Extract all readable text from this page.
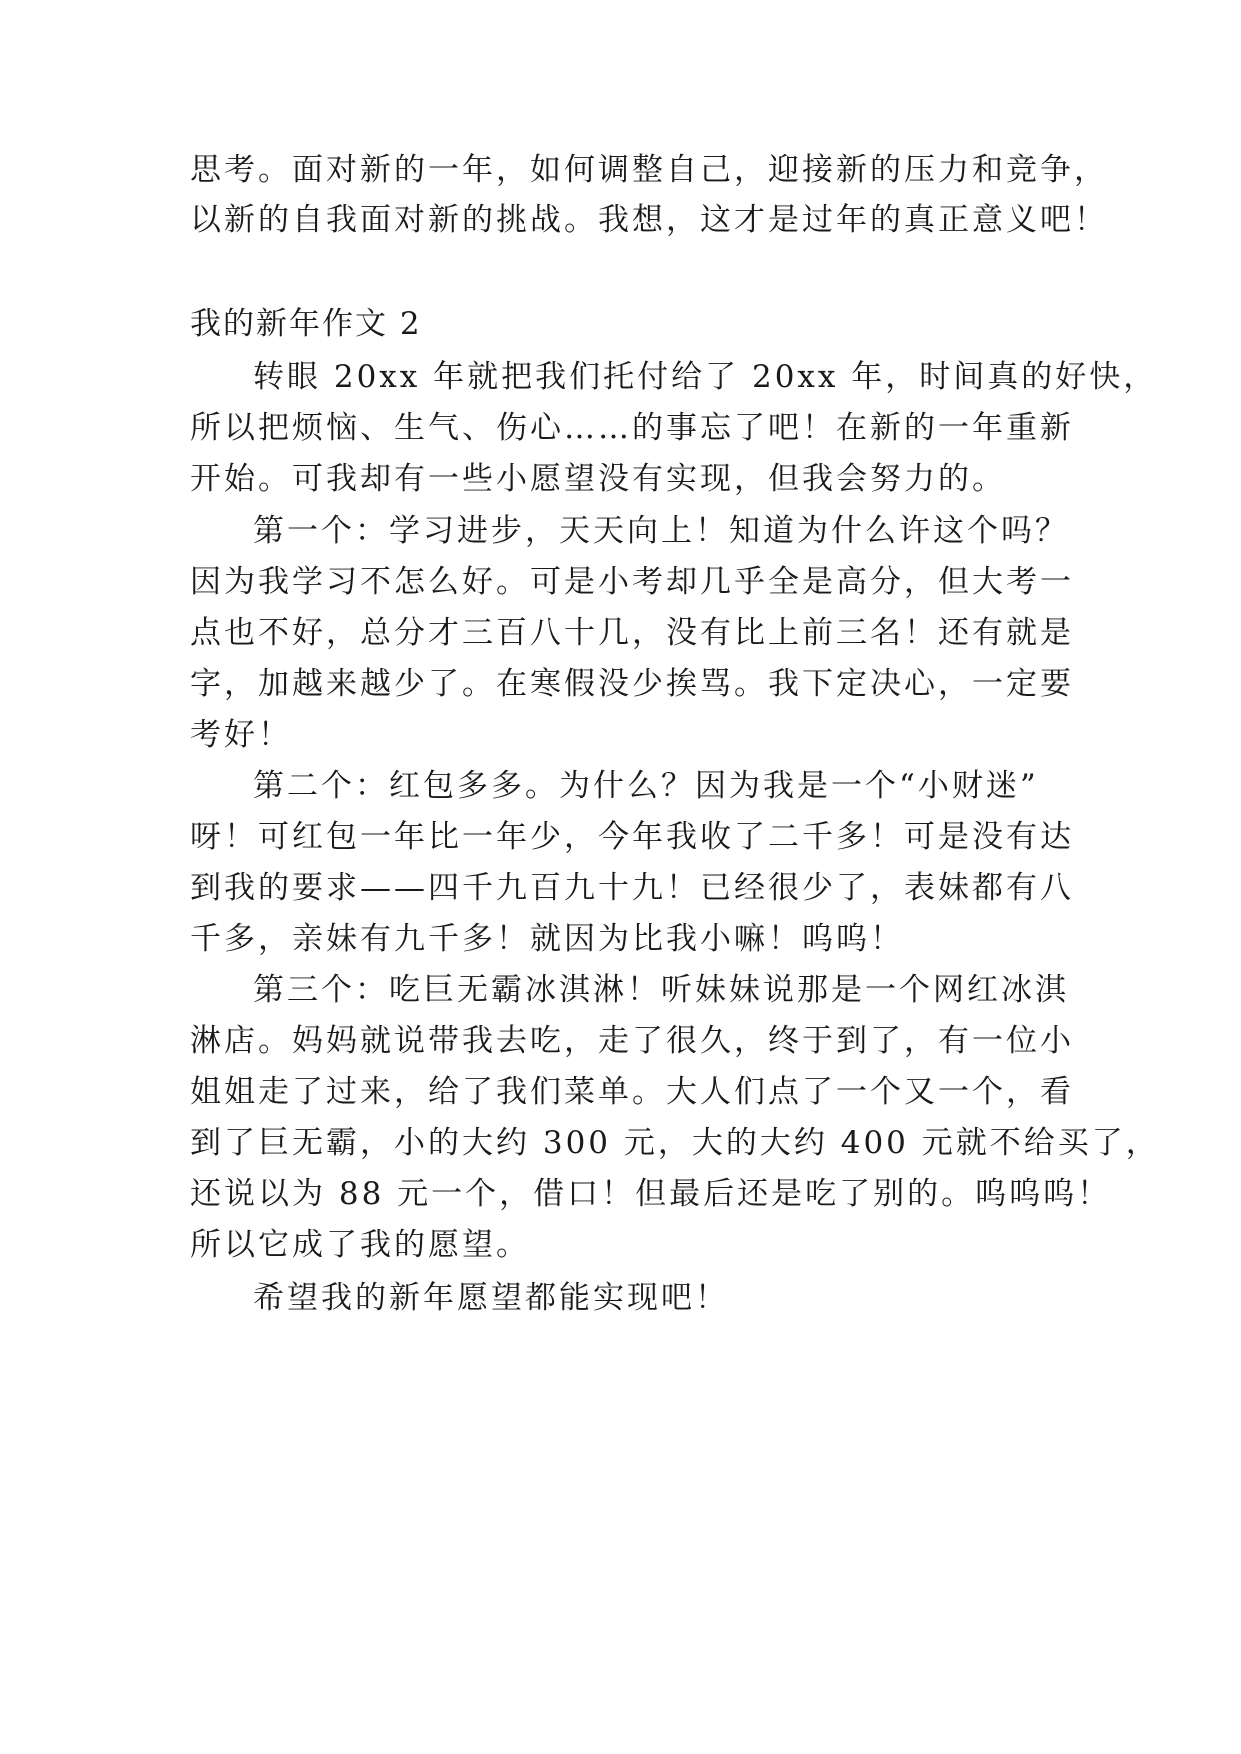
思考。面对新的一年，如何调整自己，迎接新的压力和竞争，
以新的自我面对新的挑战。我想，这才是过年的真正意义吧！
我的新年作文 2
转眼 20xx 年就把我们托付给了 20xx 年，时间真的好快，
所以把烦恼、生气、伤心……的事忘了吧！在新的一年重新
开始。可我却有一些小愿望没有实现，但我会努力的。
第一个：学习进步，天天向上！知道为什么许这个吗？
因为我学习不怎么好。可是小考却几乎全是高分，但大考一
点也不好，总分才三百八十几，没有比上前三名！还有就是
字，加越来越少了。在寒假没少挨骂。我下定决心，一定要
考好！
第二个：红包多多。为什么？因为我是一个“小财迷”
呀！可红包一年比一年少，今年我收了二千多！可是没有达
到我的要求——四千九百九十九！已经很少了，表妹都有八
千多，亲妹有九千多！就因为比我小嘛！呜呜！
第三个：吃巨无霸冰淇淋！听妹妹说那是一个网红冰淇
淋店。妈妈就说带我去吃，走了很久，终于到了，有一位小
姐姐走了过来，给了我们菜单。大人们点了一个又一个，看
到了巨无霸，小的大约 300 元，大的大约 400 元就不给买了，
还说以为 88 元一个，借口！但最后还是吃了别的。呜呜呜！
所以它成了我的愿望。
希望我的新年愿望都能实现吧！
